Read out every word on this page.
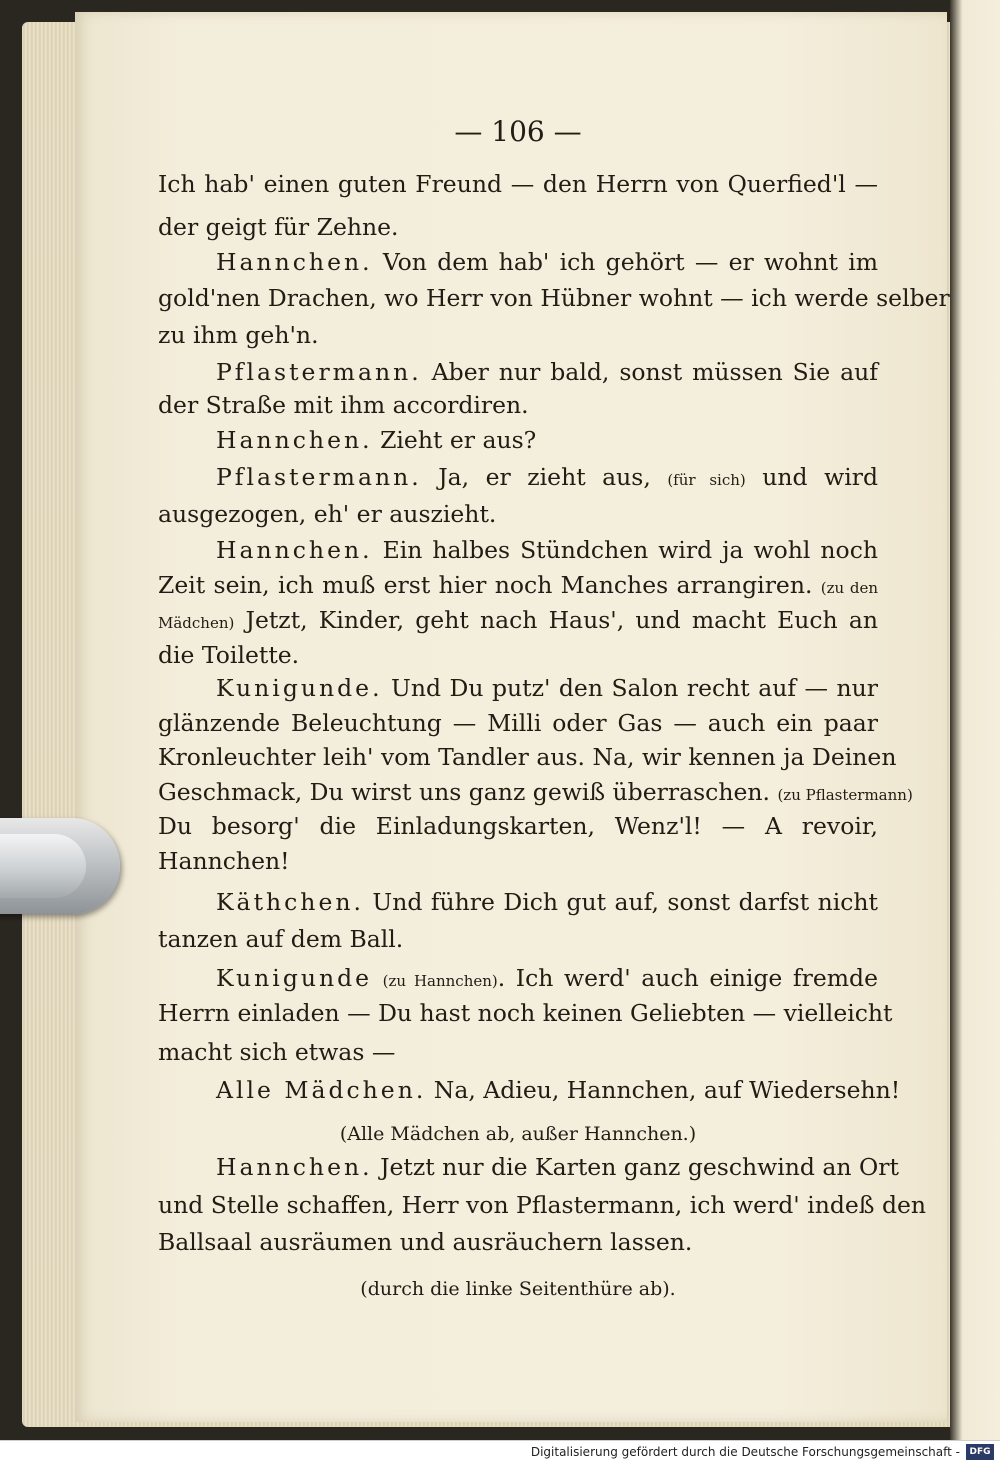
— 106 —

Ich hab' einen guten Freund — den Herrn von Querfied'l —

der geigt für Zehne.

Hannchen. Von dem hab' ich gehört — er wohnt im

gold'nen Drachen, wo Herr von Hübner wohnt — ich werde selber

zu ihm geh'n.

Pflastermann. Aber nur bald, sonst müssen Sie auf

der Straße mit ihm accordiren.

Hannchen. Zieht er aus?

Pflastermann. Ja, er zieht aus, (für sich) und wird

ausgezogen, eh' er auszieht.

Hannchen. Ein halbes Stündchen wird ja wohl noch

Zeit sein, ich muß erst hier noch Manches arrangiren. (zu den

Mädchen) Jetzt, Kinder, geht nach Haus', und macht Euch an

die Toilette.

Kunigunde. Und Du putz' den Salon recht auf — nur

glänzende Beleuchtung — Milli oder Gas — auch ein paar

Kronleuchter leih' vom Tandler aus. Na, wir kennen ja Deinen

Geschmack, Du wirst uns ganz gewiß überraschen. (zu Pflastermann)

Du besorg' die Einladungskarten, Wenz'l! — A revoir,

Hannchen!

Käthchen. Und führe Dich gut auf, sonst darfst nicht

tanzen auf dem Ball.

Kunigunde (zu Hannchen). Ich werd' auch einige fremde

Herrn einladen — Du hast noch keinen Geliebten — vielleicht

macht sich etwas —

Alle Mädchen. Na, Adieu, Hannchen, auf Wiedersehn!

(Alle Mädchen ab, außer Hannchen.)

Hannchen. Jetzt nur die Karten ganz geschwind an Ort

und Stelle schaffen, Herr von Pflastermann, ich werd' indeß den

Ballsaal ausräumen und ausräuchern lassen.

(durch die linke Seitenthüre ab).

Digitalisierung gefördert durch die Deutsche Forschungsgemeinschaft -	DFG
